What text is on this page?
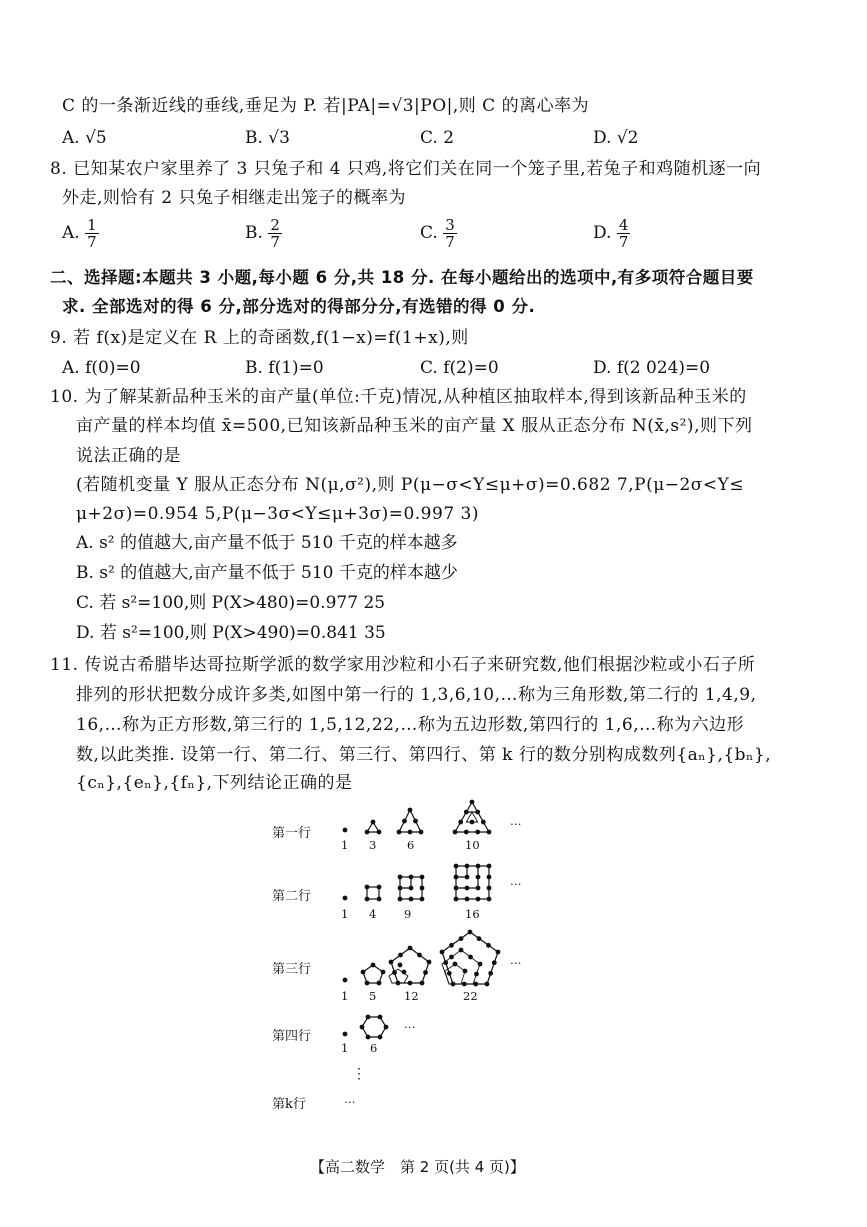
C 的一条渐近线的垂线,垂足为 P. 若|PA|=√3|PO|,则 C 的离心率为
A. √5	B. √3	C. 2	D. √2
8. 已知某农户家里养了 3 只兔子和 4 只鸡,将它们关在同一个笼子里,若兔子和鸡随机逐一向
外走,则恰有 2 只兔子相继走出笼子的概率为
A. $\frac{1}{7}$	B. $\frac{2}{7}$	C. $\frac{3}{7}$	D. $\frac{4}{7}$
二、选择题:本题共 3 小题,每小题 6 分,共 18 分. 在每小题给出的选项中,有多项符合题目要
求. 全部选对的得 6 分,部分选对的得部分分,有选错的得 0 分.
9. 若 f(x)是定义在 R 上的奇函数,f(1−x)=f(1+x),则
A. f(0)=0	B. f(1)=0	C. f(2)=0	D. f(2 024)=0
10. 为了解某新品种玉米的亩产量(单位:千克)情况,从种植区抽取样本,得到该新品种玉米的
亩产量的样本均值 x̄=500,已知该新品种玉米的亩产量 X 服从正态分布 N(x̄,s²),则下列
说法正确的是
(若随机变量 Y 服从正态分布 N(μ,σ²),则 P(μ−σ<Y≤μ+σ)=0.682 7,P(μ−2σ<Y≤
μ+2σ)=0.954 5,P(μ−3σ<Y≤μ+3σ)=0.997 3)
A. s² 的值越大,亩产量不低于 510 千克的样本越多
B. s² 的值越大,亩产量不低于 510 千克的样本越少
C. 若 s²=100,则 P(X>480)=0.977 25
D. 若 s²=100,则 P(X>490)=0.841 35
11. 传说古希腊毕达哥拉斯学派的数学家用沙粒和小石子来研究数,他们根据沙粒或小石子所
排列的形状把数分成许多类,如图中第一行的 1,3,6,10,…称为三角形数,第二行的 1,4,9,
16,…称为正方形数,第三行的 1,5,12,22,…称为五边形数,第四行的 1,6,…称为六边形
数,以此类推. 设第一行、第二行、第三行、第四行、第 k 行的数分别构成数列{aₙ},{bₙ},
{cₙ},{eₙ},{fₙ},下列结论正确的是
第一行
第二行
第三行
第四行
第k行
1 3	6	10
…
1 4 9	16
…
1 5 12	22
…
1 6
…
⋮
…
【高二数学　第 2 页(共 4 页)】
